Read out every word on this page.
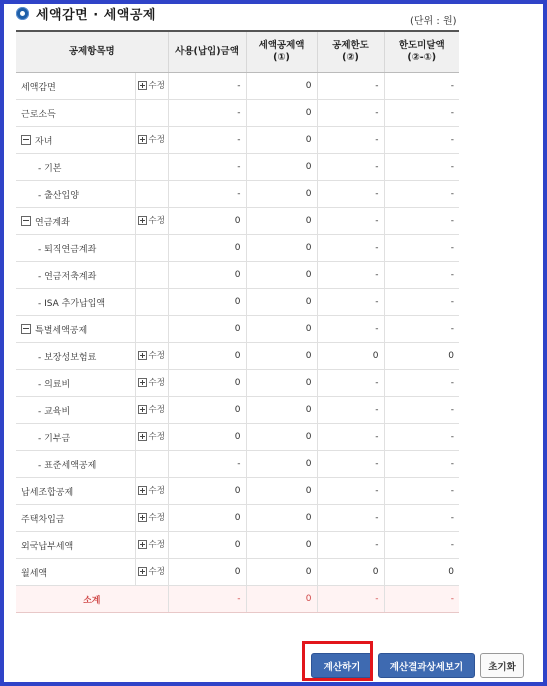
세액감면 · 세액공제	(단위 : 원)
공제항목명		사용(납입)금액	세액공제액
(①)	공제한도
(②)	한도미달액
(②-①)
세액감면	수정	-	0	-	-
근로소득		-	0	-	-
자녀	수정	-	0	-	-
- 기본		-	0	-	-
- 출산입양		-	0	-	-
연금계좌	수정	0	0	-	-
- 퇴직연금계좌		0	0	-	-
- 연금저축계좌		0	0	-	-
- ISA 추가납입액		0	0	-	-
특별세액공제		0	0	-	-
- 보장성보험료	수정	0	0	0	0
- 의료비	수정	0	0	-	-
- 교육비	수정	0	0	-	-
- 기부금	수정	0	0	-	-
- 표준세액공제		-	0	-	-
납세조합공제	수정	0	0	-	-
주택차입금	수정	0	0	-	-
외국납부세액	수정	0	0	-	-
월세액	수정	0	0	0	0
소계		-	0	-	-
계산하기	계산결과상세보기	초기화
